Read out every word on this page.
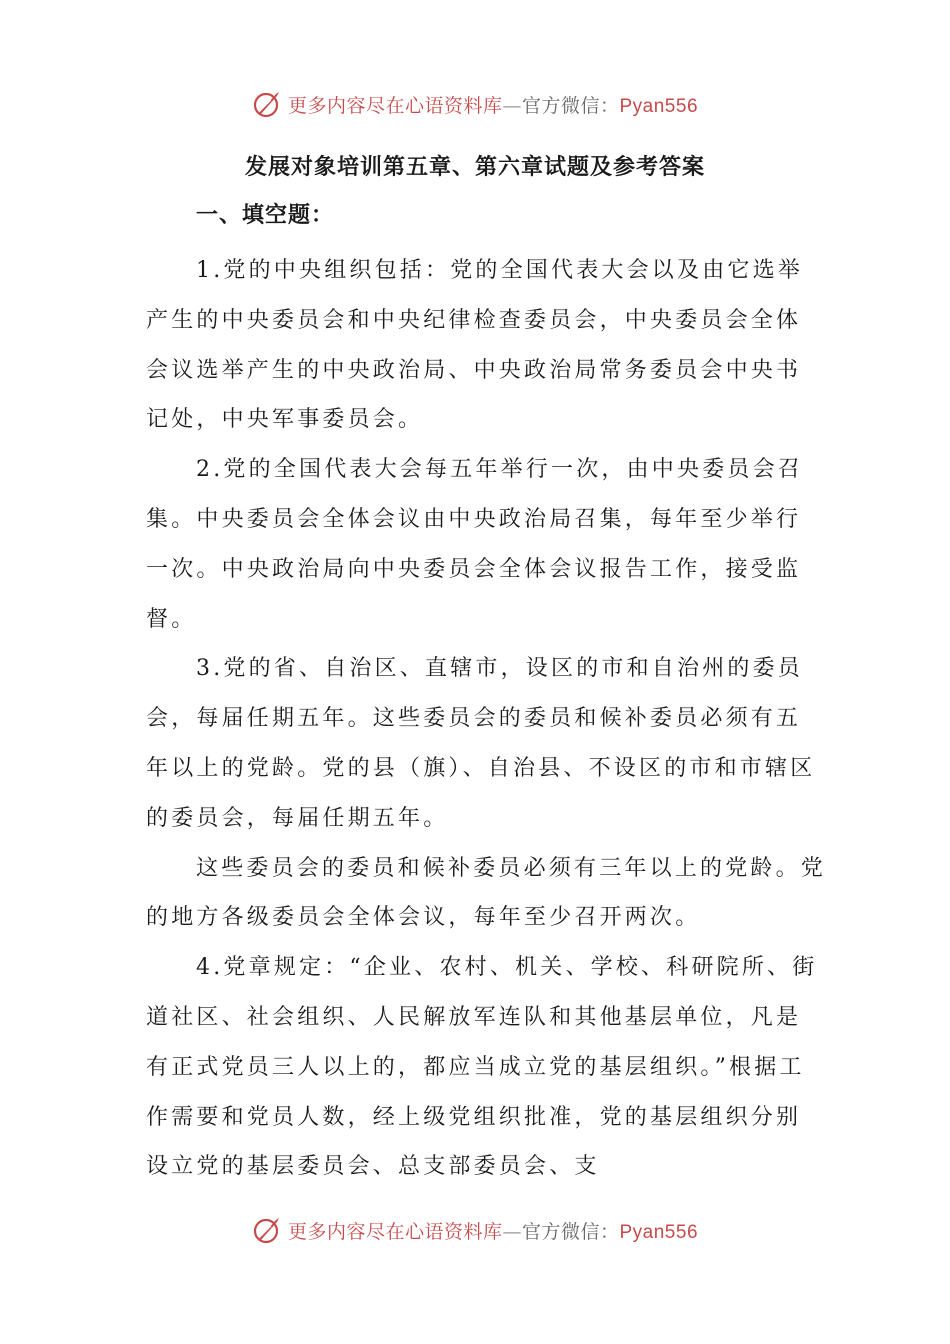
更多内容尽在心语资料库—官方微信：Pyan556
发展对象培训第五章、第六章试题及参考答案
一、填空题：

1.党的中央组织包括：党的全国代表大会以及由它选举产生的中央委员会和中央纪律检查委员会，中央委员会全体会议选举产生的中央政治局、中央政治局常务委员会中央书记处，中央军事委员会。

2.党的全国代表大会每五年举行一次，由中央委员会召集。中央委员会全体会议由中央政治局召集，每年至少举行一次。中央政治局向中央委员会全体会议报告工作，接受监督。

3.党的省、自治区、直辖市，设区的市和自治州的委员会，每届任期五年。这些委员会的委员和候补委员必须有五年以上的党龄。党的县（旗）、自治县、不设区的市和市辖区的委员会，每届任期五年。

这些委员会的委员和候补委员必须有三年以上的党龄。党的地方各级委员会全体会议，每年至少召开两次。

4.党章规定：“企业、农村、机关、学校、科研院所、街道社区、社会组织、人民解放军连队和其他基层单位，凡是有正式党员三人以上的，都应当成立党的基层组织。”根据工作需要和党员人数，经上级党组织批准，党的基层组织分别设立党的基层委员会、总支部委员会、支

更多内容尽在心语资料库—官方微信：Pyan556
